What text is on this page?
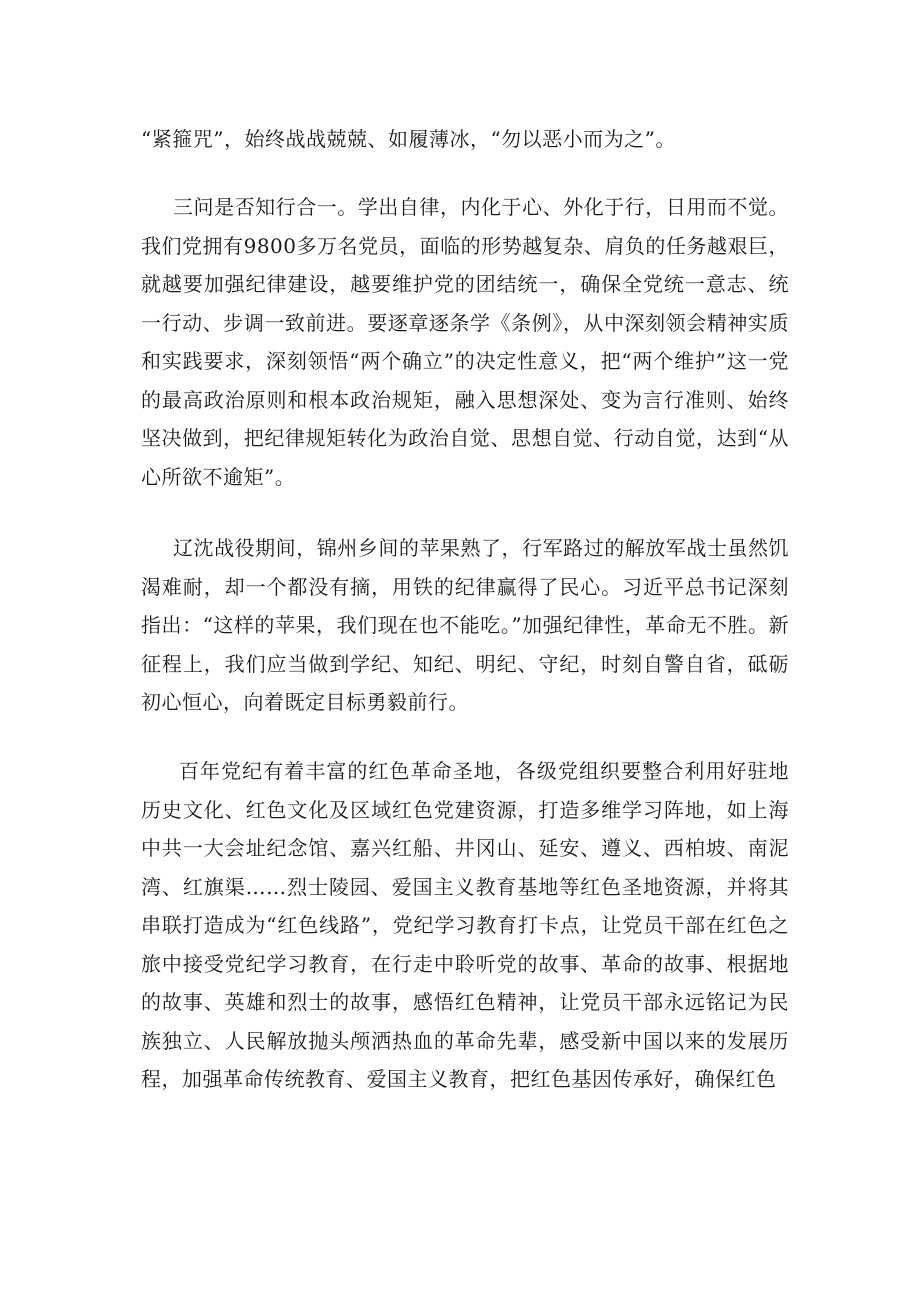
“紧箍咒”，始终战战兢兢、如履薄冰，“勿以恶小而为之”。

三问是否知行合一。学出自律，内化于心、外化于行，日用而不觉。我们党拥有9800多万名党员，面临的形势越复杂、肩负的任务越艰巨，就越要加强纪律建设，越要维护党的团结统一，确保全党统一意志、统一行动、步调一致前进。要逐章逐条学《条例》，从中深刻领会精神实质和实践要求，深刻领悟“两个确立”的决定性意义，把“两个维护”这一党的最高政治原则和根本政治规矩，融入思想深处、变为言行准则、始终坚决做到，把纪律规矩转化为政治自觉、思想自觉、行动自觉，达到“从心所欲不逾矩”。

辽沈战役期间，锦州乡间的苹果熟了，行军路过的解放军战士虽然饥渴难耐，却一个都没有摘，用铁的纪律赢得了民心。习近平总书记深刻指出：“这样的苹果，我们现在也不能吃。”加强纪律性，革命无不胜。新征程上，我们应当做到学纪、知纪、明纪、守纪，时刻自警自省，砥砺初心恒心，向着既定目标勇毅前行。

百年党纪有着丰富的红色革命圣地，各级党组织要整合利用好驻地历史文化、红色文化及区域红色党建资源，打造多维学习阵地，如上海中共一大会址纪念馆、嘉兴红船、井冈山、延安、遵义、西柏坡、南泥湾、红旗渠……烈士陵园、爱国主义教育基地等红色圣地资源，并将其串联打造成为“红色线路”，党纪学习教育打卡点，让党员干部在红色之旅中接受党纪学习教育，在行走中聆听党的故事、革命的故事、根据地的故事、英雄和烈士的故事，感悟红色精神，让党员干部永远铭记为民族独立、人民解放抛头颅洒热血的革命先辈，感受新中国以来的发展历程，加强革命传统教育、爱国主义教育，把红色基因传承好，确保红色
